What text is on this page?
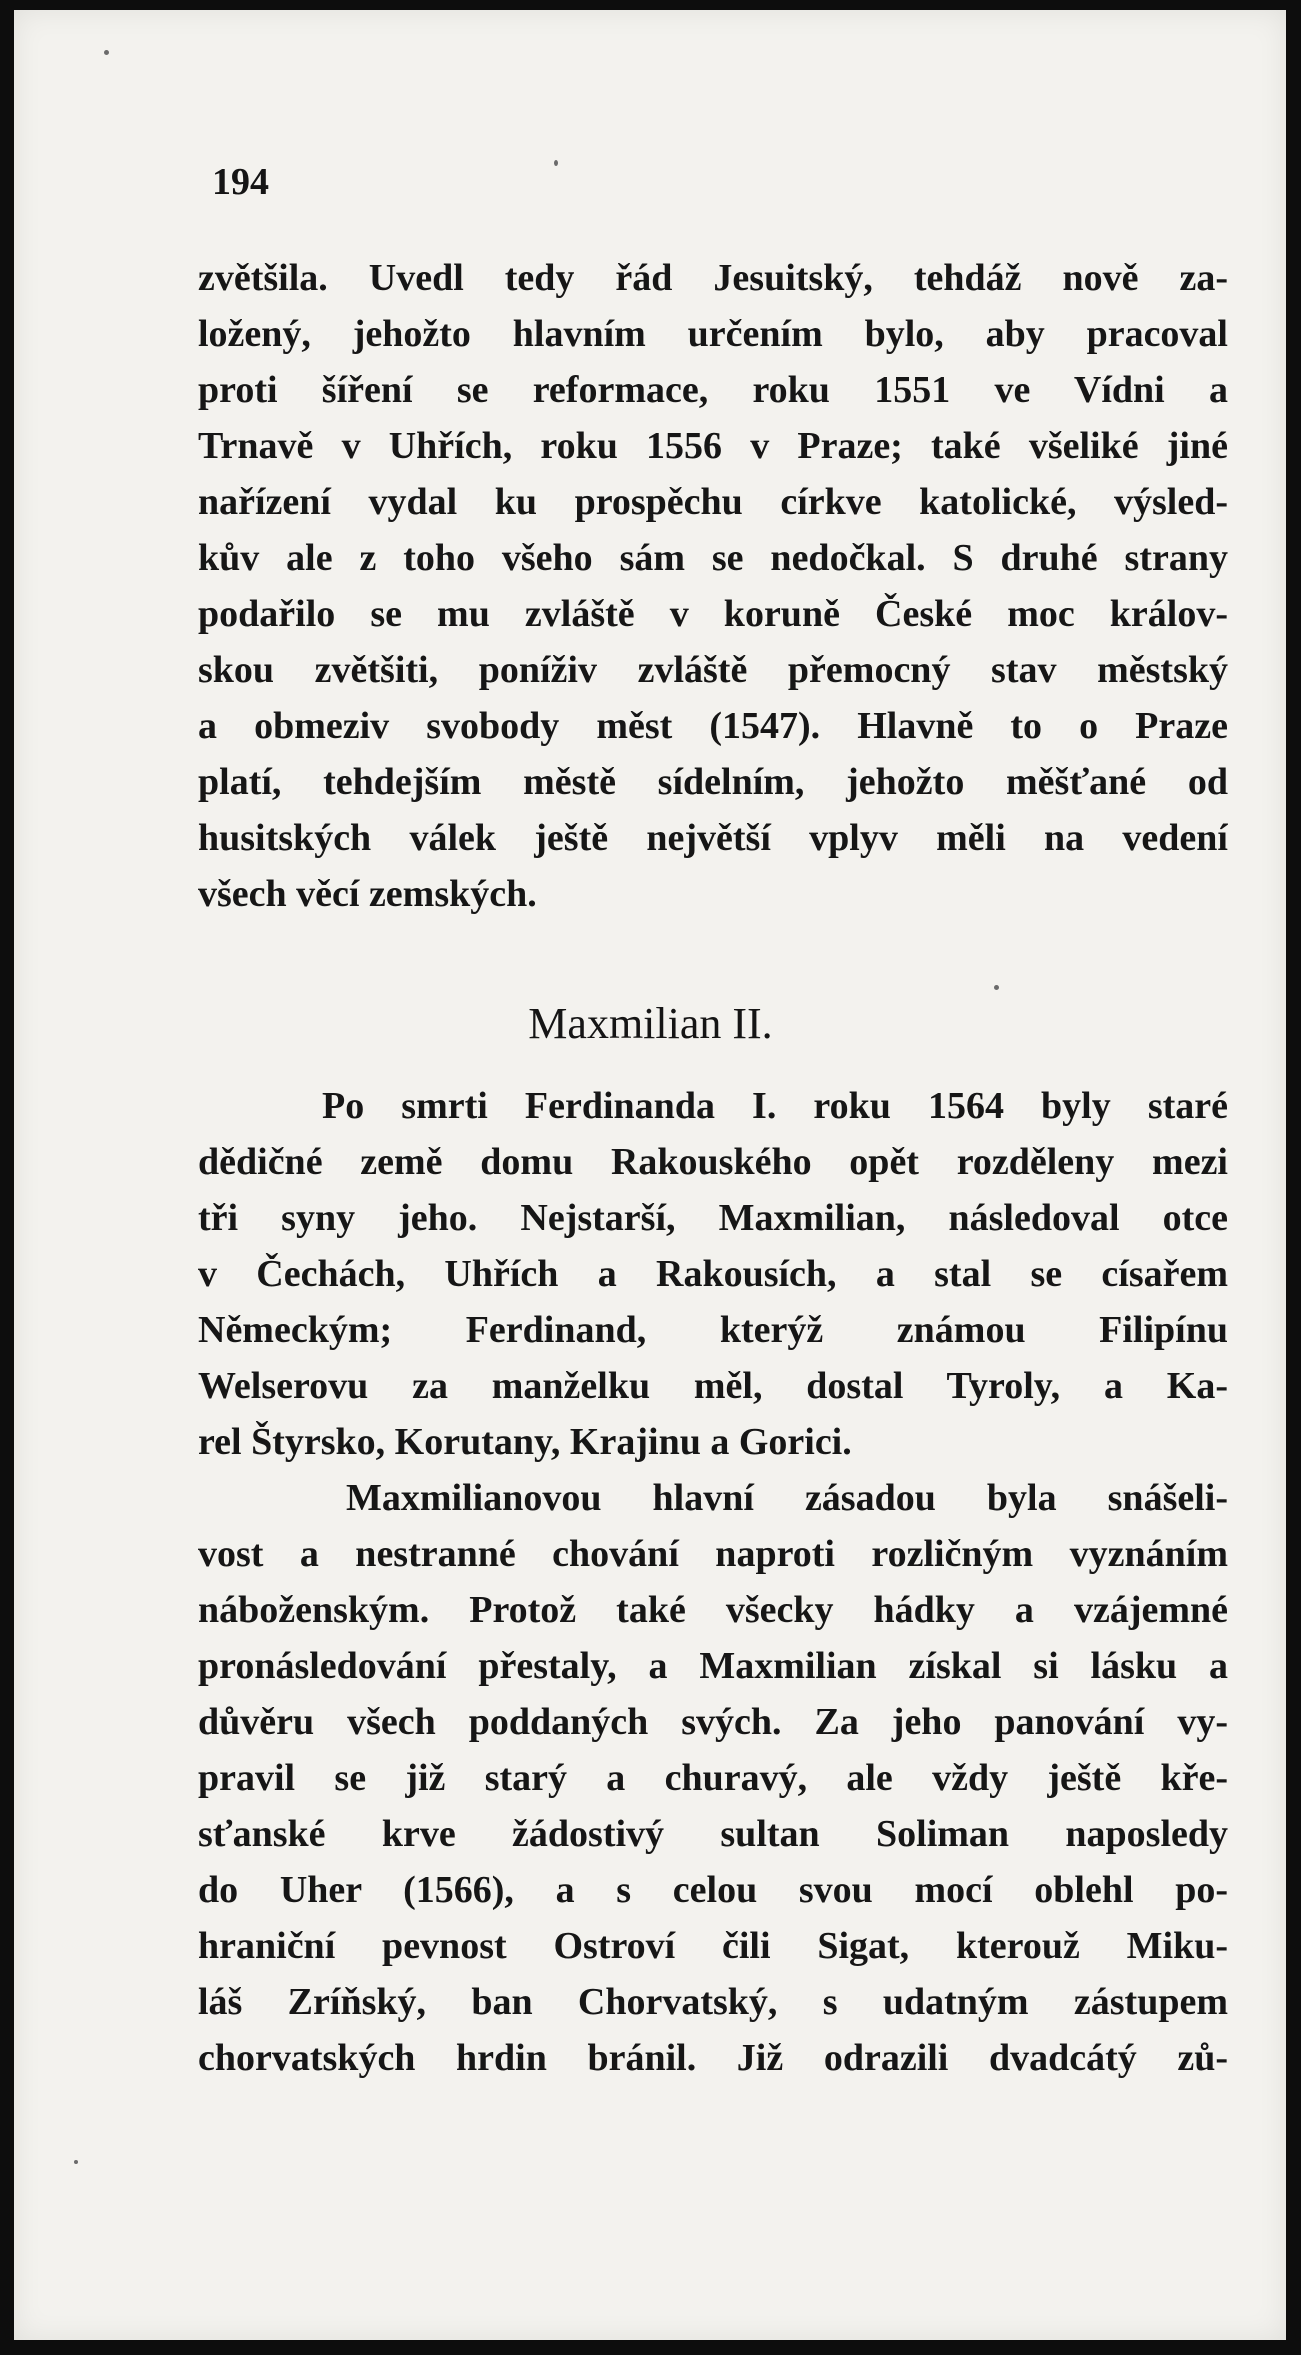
194
zvětšila. Uvedl tedy řád Jesuitský, tehdáž nově za-
ložený, jehožto hlavním určením bylo, aby pracoval
proti šíření se reformace, roku 1551 ve Vídni a
Trnavě v Uhřích, roku 1556 v Praze; také všeliké jiné
nařízení vydal ku prospěchu církve katolické, výsled-
kův ale z toho všeho sám se nedočkal. S druhé strany
podařilo se mu zvláště v koruně České moc králov-
skou zvětšiti, poníživ zvláště přemocný stav městský
a obmeziv svobody měst (1547). Hlavně to o Praze
platí, tehdejším městě sídelním, jehožto měšťané od
husitských válek ještě největší vplyv měli na vedení
všech věcí zemských.
Maxmilian II.
Po smrti Ferdinanda I. roku 1564 byly staré
dědičné země domu Rakouského opět rozděleny mezi
tři syny jeho. Nejstarší, Maxmilian, následoval otce
v Čechách, Uhřích a Rakousích, a stal se císařem
Německým; Ferdinand, kterýž známou Filipínu
Welserovu za manželku měl, dostal Tyroly, a Ka-
rel Štyrsko, Korutany, Krajinu a Gorici.
Maxmilianovou hlavní zásadou byla snášeli-
vost a nestranné chování naproti rozličným vyznáním
náboženským. Protož také všecky hádky a vzájemné
pronásledování přestaly, a Maxmilian získal si lásku a
důvěru všech poddaných svých. Za jeho panování vy-
pravil se již starý a churavý, ale vždy ještě kře-
sťanské krve žádostivý sultan Soliman naposledy
do Uher (1566), a s celou svou mocí oblehl po-
hraniční pevnost Ostroví čili Sigat, kterouž Miku-
láš Zríňský, ban Chorvatský, s udatným zástupem
chorvatských hrdin bránil. Již odrazili dvadcátý zů-
